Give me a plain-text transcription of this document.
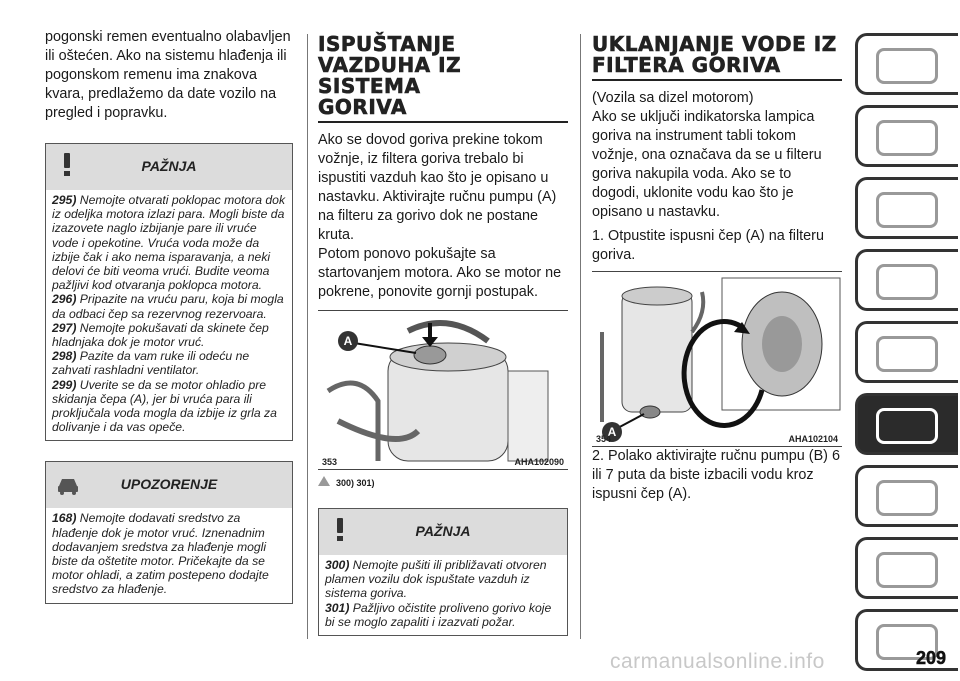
pogonski remen eventualno olabavljen ili oštećen. Ako na sistemu hlađenja ili pogonskom remenu ima znakova kvara, predlažemo da date vozilo na pregled i popravku.

PAŽNJA

295) Nemojte otvarati poklopac motora dok iz odeljka motora izlazi para. Mogli biste da izazovete naglo izbijanje pare ili vruće vode i opekotine. Vruća voda može da izbije čak i ako nema isparavanja, a neki delovi će biti veoma vrući. Budite veoma pažljivi kod otvaranja poklopca motora.

296) Pripazite na vruću paru, koja bi mogla da odbaci čep sa rezervnog rezervoara.

297) Nemojte pokušavati da skinete čep hladnjaka dok je motor vruć.

298) Pazite da vam ruke ili odeću ne zahvati rashladni ventilator.

299) Uverite se da se motor ohladio pre skidanja čepa (A), jer bi vruća para ili proključala voda mogla da izbije iz grla za dolivanje i da vas opeče.

UPOZORENJE

168) Nemojte dodavati sredstvo za hlađenje dok je motor vruć. Iznenadnim dodavanjem sredstva za hlađenje mogli biste da oštetite motor. Pričekajte da se motor ohladi, a zatim postepeno dodajte sredstvo za hlađenje.

ISPUŠTANJE VAZDUHA IZ SISTEMA GORIVA

Ako se dovod goriva prekine tokom vožnje, iz filtera goriva trebalo bi ispustiti vazduh kao što je opisano u nastavku. Aktivirajte ručnu pumpu (A) na filteru za gorivo dok ne postane kruta.

Potom ponovo pokušajte sa startovanjem motora. Ako se motor ne pokrene, ponovite gornji postupak.

A
353	AHA102090
300) 301)
PAŽNJA

300) Nemojte pušiti ili približavati otvoren plamen vozilu dok ispuštate vazduh iz sistema goriva.

301) Pažljivo očistite proliveno gorivo koje bi se moglo zapaliti i izazvati požar.

UKLANJANJE VODE IZ FILTERA GORIVA

(Vozila sa dizel motorom)

Ako se uključi indikatorska lampica goriva na instrument tabli tokom vožnje, ona označava da se u filteru goriva nakupila voda. Ako se to dogodi, uklonite vodu kao što je opisano u nastavku.

1. Otpustite ispusni čep (A) na filteru goriva.

A
354	AHA102104

2. Polako aktivirajte ručnu pumpu (B) 6 ili 7 puta da biste izbacili vodu kroz ispusni čep (A).

carmanualsonline.info	209
